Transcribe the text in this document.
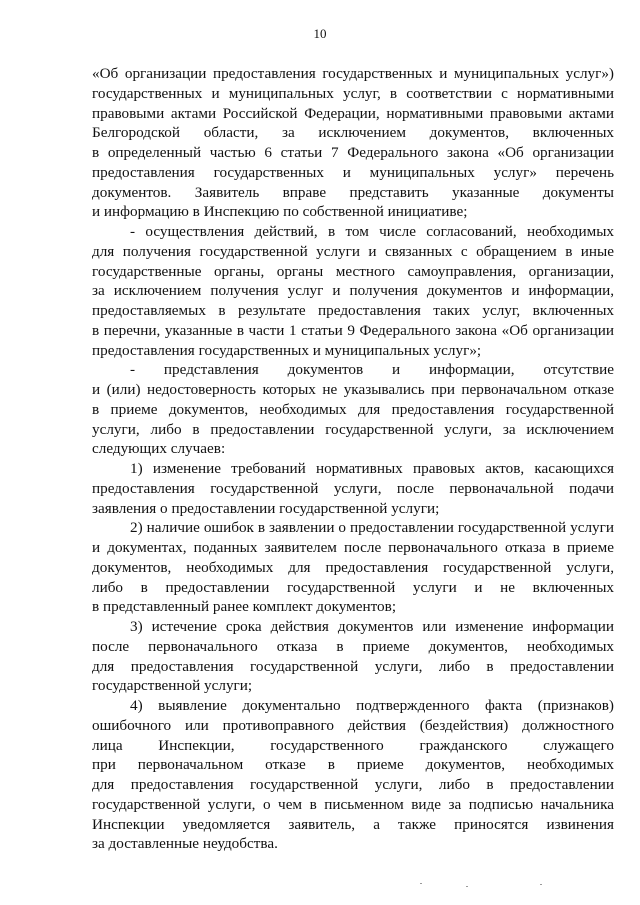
10
«Об организации предоставления государственных и муниципальных услуг»)
государственных и муниципальных услуг, в соответствии с нормативными
правовыми актами Российской Федерации, нормативными правовыми актами
Белгородской области, за исключением документов, включенных
в определенный частью 6 статьи 7 Федерального закона «Об организации
предоставления государственных и муниципальных услуг» перечень
документов. Заявитель вправе представить указанные документы
и информацию в Инспекцию по собственной инициативе;
- осуществления действий, в том числе согласований, необходимых
для получения государственной услуги и связанных с обращением в иные
государственные органы, органы местного самоуправления, организации,
за исключением получения услуг и получения документов и информации,
предоставляемых в результате предоставления таких услуг, включенных
в перечни, указанные в части 1 статьи 9 Федерального закона «Об организации
предоставления государственных и муниципальных услуг»;
- представления документов и информации, отсутствие
и (или) недостоверность которых не указывались при первоначальном отказе
в приеме документов, необходимых для предоставления государственной
услуги, либо в предоставлении государственной услуги, за исключением
следующих случаев:
1) изменение требований нормативных правовых актов, касающихся
предоставления государственной услуги, после первоначальной подачи
заявления о предоставлении государственной услуги;
2) наличие ошибок в заявлении о предоставлении государственной услуги
и документах, поданных заявителем после первоначального отказа в приеме
документов, необходимых для предоставления государственной услуги,
либо в предоставлении государственной услуги и не включенных
в представленный ранее комплект документов;
3) истечение срока действия документов или изменение информации
после первоначального отказа в приеме документов, необходимых
для предоставления государственной услуги, либо в предоставлении
государственной услуги;
4) выявление документально подтвержденного факта (признаков)
ошибочного или противоправного действия (бездействия) должностного
лица Инспекции, государственного гражданского служащего
при первоначальном отказе в приеме документов, необходимых
для предоставления государственной услуги, либо в предоставлении
государственной услуги, о чем в письменном виде за подписью начальника
Инспекции уведомляется заявитель, а также приносятся извинения
за доставленные неудобства.
